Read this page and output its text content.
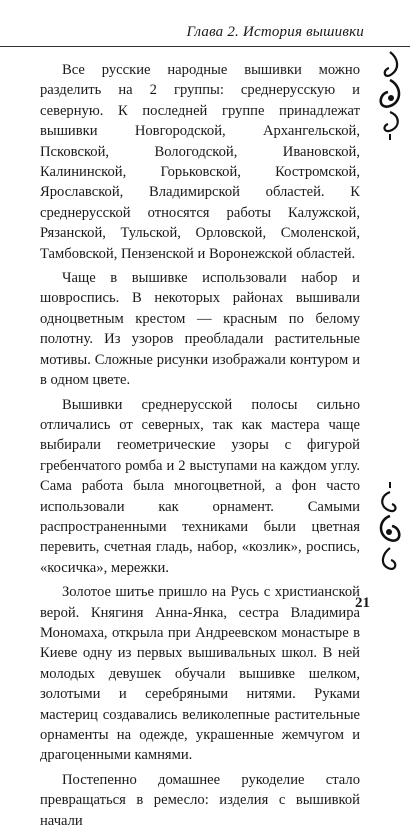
Глава 2. История вышивки

Все русские народные вышивки можно разделить на 2 группы: среднерусскую и северную. К последней группе принадлежат вышивки Новгородской, Архангельской, Псковской, Вологодской, Ивановской, Калининской, Горьковской, Костромской, Ярославской, Владимирской областей. К среднерусской относятся работы Калужской, Рязанской, Тульской, Орловской, Смоленской, Тамбовской, Пензенской и Воронежской областей.

Чаще в вышивке использовали набор и шовроспись. В некоторых районах вышивали одноцветным крестом — красным по белому полотну. Из узоров преобладали растительные мотивы. Сложные рисунки изображали контуром и в одном цвете.

Вышивки среднерусской полосы сильно отличались от северных, так как мастера чаще выбирали геометрические узоры с фигурой гребенчатого ромба и 2 выступами на каждом углу. Сама работа была многоцветной, а фон часто использовали как орнамент. Самыми распространенными техниками были цветная перевить, счетная гладь, набор, «козлик», роспись, «косичка», мережки.

Золотое шитье пришло на Русь с христианской верой. Княгиня Анна-Янка, сестра Владимира Мономаха, открыла при Андреевском монастыре в Киеве одну из первых вышивальных школ. В ней молодых девушек обучали вышивке шелком, золотыми и серебряными нитями. Руками мастериц создавались великолепные растительные орнаменты на одежде, украшенные жемчугом и драгоценными камнями.

Постепенно домашнее рукоделие стало превращаться в ремесло: изделия с вышивкой начали

21
